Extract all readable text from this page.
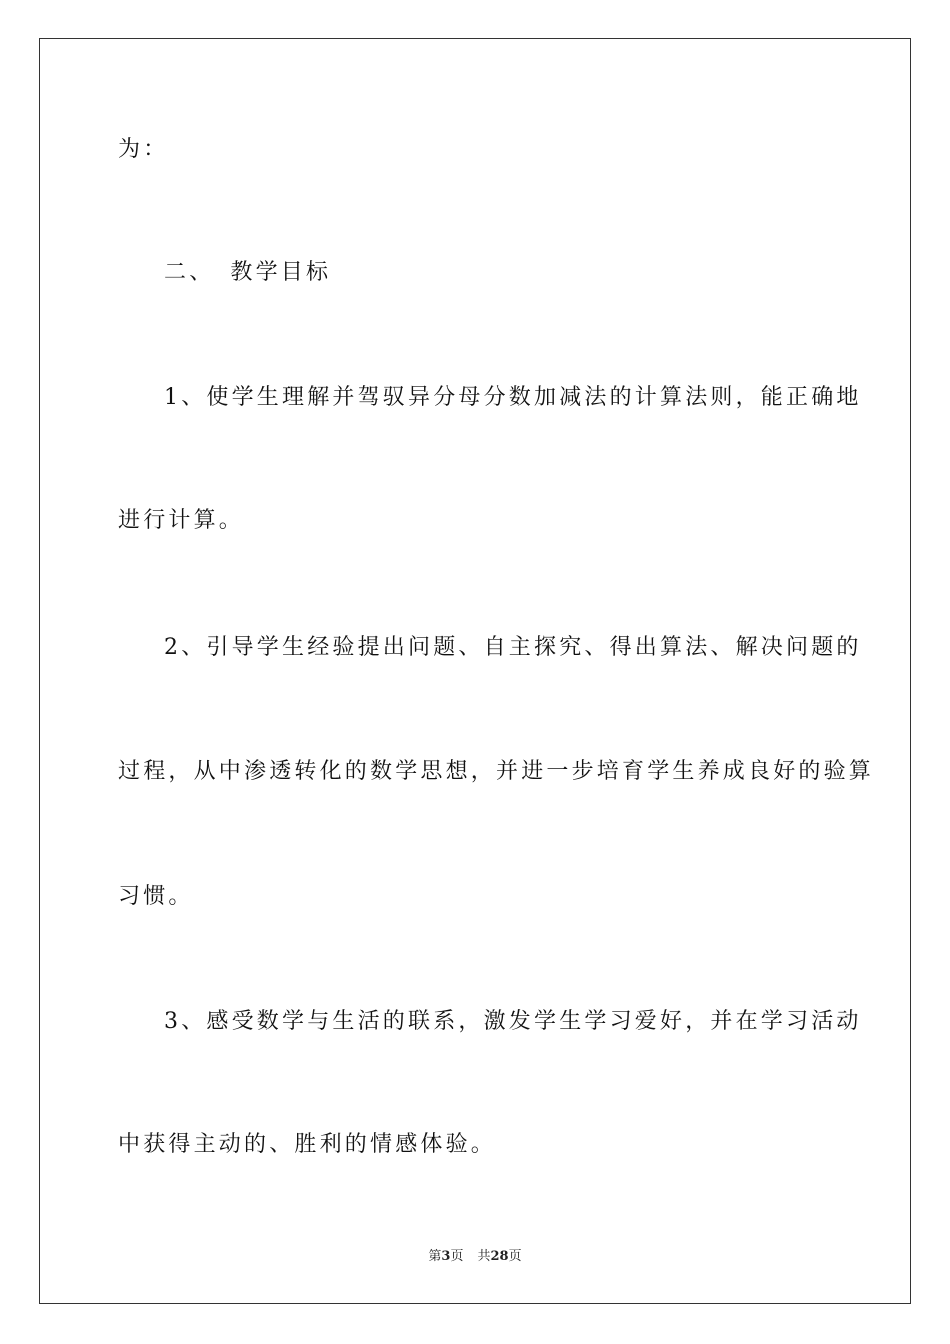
为：
二、 教学目标
1、使学生理解并驾驭异分母分数加减法的计算法则，能正确地
进行计算。
2、引导学生经验提出问题、自主探究、得出算法、解决问题的
过程，从中渗透转化的数学思想，并进一步培育学生养成良好的验算
习惯。
3、感受数学与生活的联系，激发学生学习爱好，并在学习活动
中获得主动的、胜利的情感体验。
第3页 共28页
